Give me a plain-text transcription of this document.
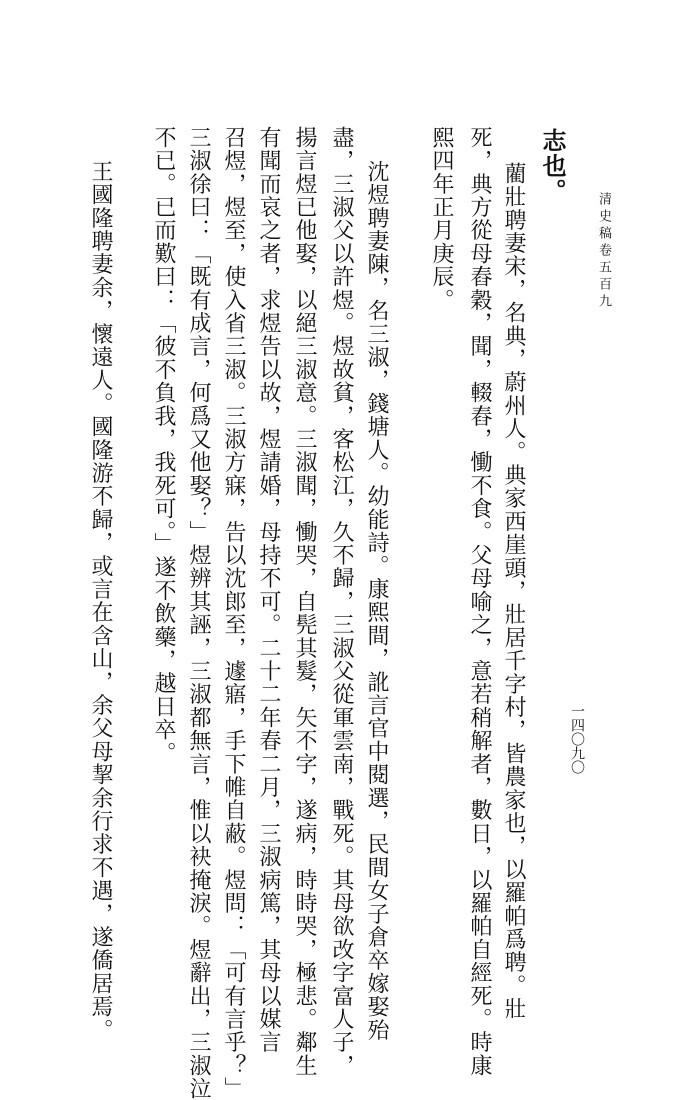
清史稿卷五百九
一四〇九〇
志也。
藺壯聘妻宋，名典，蔚州人。典家西崖頭，壯居千字村，皆農家也，以羅帕爲聘。壯
死，典方從母舂穀，聞，輟舂，慟不食。父母喻之，意若稍解者，數日，以羅帕自經死。時康
熙四年正月庚辰。
沈煜聘妻陳，名三淑，錢塘人。幼能詩。康熙間，訛言官中閱選，民間女子倉卒嫁娶殆
盡，三淑父以許煜。煜故貧，客松江，久不歸，三淑父從軍雲南，戰死。其母欲改字富人子，
揚言煜已他娶，以絕三淑意。三淑聞，慟哭，自髡其髮，矢不字，遂病，時時哭，極悲。鄰生
有聞而哀之者，求煜告以故，煜請婚，母持不可。二十二年春二月，三淑病篤，其母以媒言
召煜，煜至，使入省三淑。三淑方寐，告以沈郎至，遽寤，手下帷自蔽。煜問：「可有言乎？」
三淑徐曰：「既有成言，何爲又他娶？」煜辨其誣，三淑都無言，惟以袂掩淚。煜辭出，三淑泣
不已。已而歎曰：「彼不負我，我死可。」遂不飲藥，越日卒。
王國隆聘妻余，懷遠人。國隆游不歸，或言在含山，余父母挈余行求不遇，遂僑居焉。
